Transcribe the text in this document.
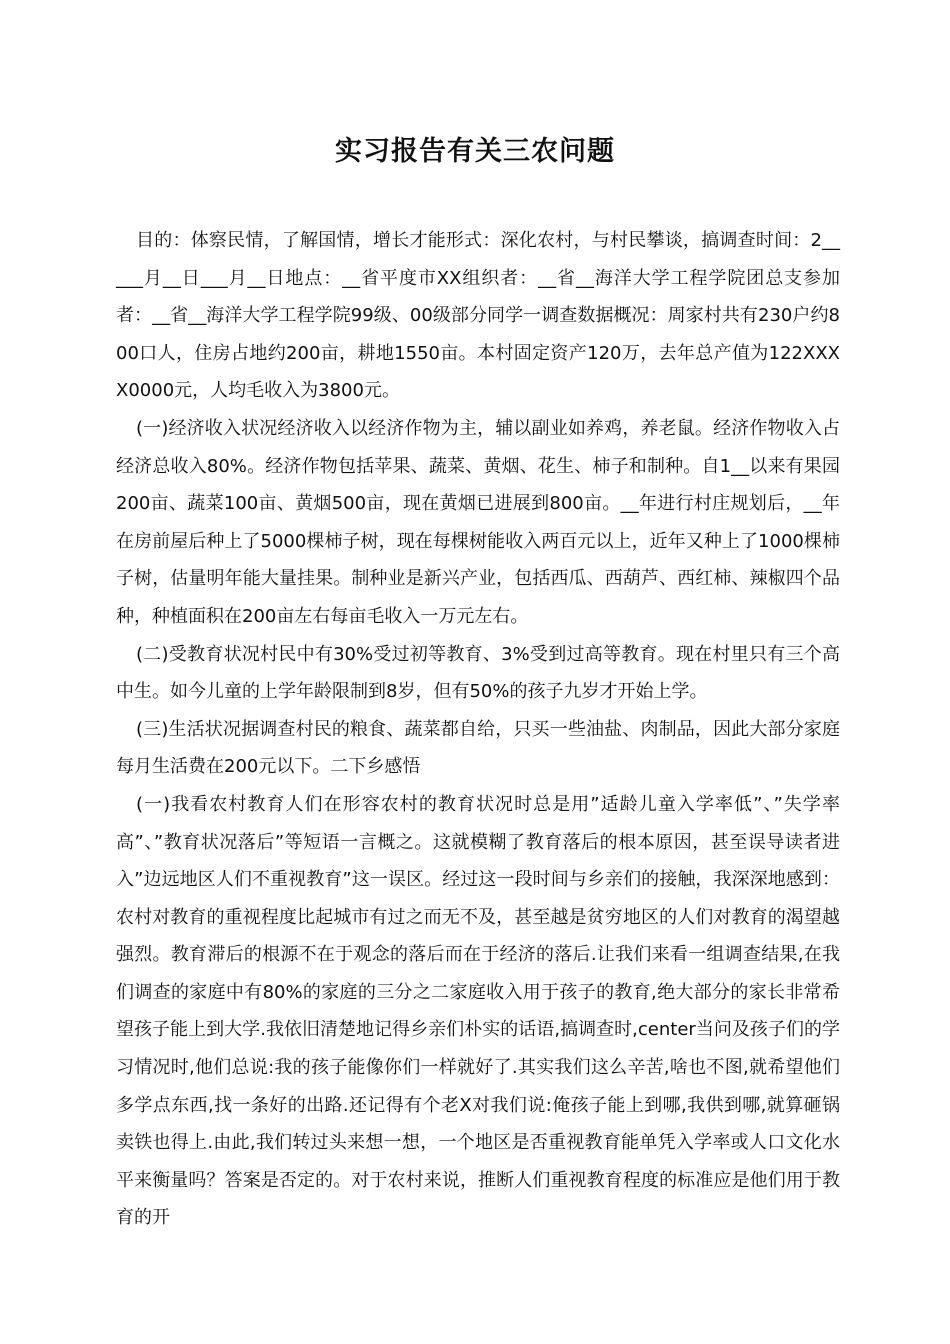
实习报告有关三农问题

目的：体察民情，了解国情，增长才能形式：深化农村，与村民攀谈，搞调查时间：2_____月__日___月__日地点：__省平度市XX组织者：__省__海洋大学工程学院团总支参加者：__省__海洋大学工程学院99级、00级部分同学一调查数据概况：周家村共有230户约800口人，住房占地约200亩，耕地1550亩。本村固定资产120万，去年总产值为122XXXX0000元，人均毛收入为3800元。

(一)经济收入状况经济收入以经济作物为主，辅以副业如养鸡，养老鼠。经济作物收入占经济总收入80%。经济作物包括苹果、蔬菜、黄烟、花生、柿子和制种。自1__以来有果园200亩、蔬菜100亩、黄烟500亩，现在黄烟已进展到800亩。__年进行村庄规划后，__年在房前屋后种上了5000棵柿子树，现在每棵树能收入两百元以上，近年又种上了1000棵柿子树，估量明年能大量挂果。制种业是新兴产业，包括西瓜、西葫芦、西红柿、辣椒四个品种，种植面积在200亩左右每亩毛收入一万元左右。

(二)受教育状况村民中有30%受过初等教育、3%受到过高等教育。现在村里只有三个高中生。如今儿童的上学年龄限制到8岁，但有50%的孩子九岁才开始上学。

(三)生活状况据调查村民的粮食、蔬菜都自给，只买一些油盐、肉制品，因此大部分家庭每月生活费在200元以下。二下乡感悟

(一)我看农村教育人们在形容农村的教育状况时总是用”适龄儿童入学率低”、”失学率高”、”教育状况落后”等短语一言概之。这就模糊了教育落后的根本原因，甚至误导读者进入”边远地区人们不重视教育”这一误区。经过这一段时间与乡亲们的接触，我深深地感到：农村对教育的重视程度比起城市有过之而无不及，甚至越是贫穷地区的人们对教育的渴望越强烈。教育滞后的根源不在于观念的落后而在于经济的落后.让我们来看一组调查结果,在我们调查的家庭中有80%的家庭的三分之二家庭收入用于孩子的教育,绝大部分的家长非常希望孩子能上到大学.我依旧清楚地记得乡亲们朴实的话语,搞调查时,center当问及孩子们的学习情况时,他们总说:我的孩子能像你们一样就好了.其实我们这么辛苦,啥也不图,就希望他们多学点东西,找一条好的出路.还记得有个老X对我们说:俺孩子能上到哪,我供到哪,就算砸锅卖铁也得上.由此,我们转过头来想一想，一个地区是否重视教育能单凭入学率或人口文化水平来衡量吗？答案是否定的。对于农村来说，推断人们重视教育程度的标准应是他们用于教育的开
